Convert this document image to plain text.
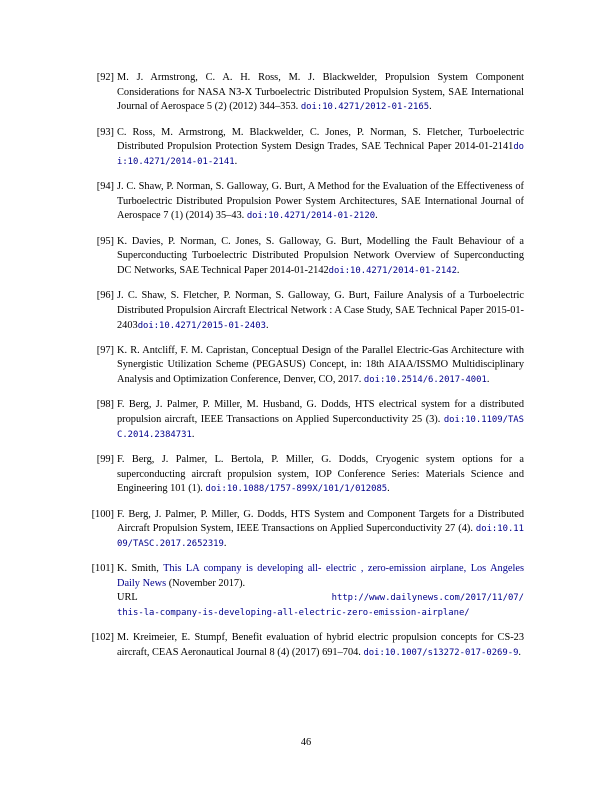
[92] M. J. Armstrong, C. A. H. Ross, M. J. Blackwelder, Propulsion System Component Considerations for NASA N3-X Turboelectric Distributed Propulsion System, SAE International Journal of Aerospace 5 (2) (2012) 344–353. doi:10.4271/2012-01-2165.
[93] C. Ross, M. Armstrong, M. Blackwelder, C. Jones, P. Norman, S. Fletcher, Turboelectric Distributed Propulsion Protection System Design Trades, SAE Technical Paper 2014-01-2141doi:10.4271/2014-01-2141.
[94] J. C. Shaw, P. Norman, S. Galloway, G. Burt, A Method for the Evaluation of the Effectiveness of Turboelectric Distributed Propulsion Power System Architectures, SAE International Journal of Aerospace 7 (1) (2014) 35–43. doi:10.4271/2014-01-2120.
[95] K. Davies, P. Norman, C. Jones, S. Galloway, G. Burt, Modelling the Fault Behaviour of a Superconducting Turboelectric Distributed Propulsion Network Overview of Superconducting DC Networks, SAE Technical Paper 2014-01-2142doi:10.4271/2014-01-2142.
[96] J. C. Shaw, S. Fletcher, P. Norman, S. Galloway, G. Burt, Failure Analysis of a Turboelectric Distributed Propulsion Aircraft Electrical Network : A Case Study, SAE Technical Paper 2015-01-2403doi:10.4271/2015-01-2403.
[97] K. R. Antcliff, F. M. Capristan, Conceptual Design of the Parallel Electric-Gas Architecture with Synergistic Utilization Scheme (PEGASUS) Concept, in: 18th AIAA/ISSMO Multidisciplinary Analysis and Optimization Conference, Denver, CO, 2017. doi:10.2514/6.2017-4001.
[98] F. Berg, J. Palmer, P. Miller, M. Husband, G. Dodds, HTS electrical system for a distributed propulsion aircraft, IEEE Transactions on Applied Superconductivity 25 (3). doi:10.1109/TASC.2014.2384731.
[99] F. Berg, J. Palmer, L. Bertola, P. Miller, G. Dodds, Cryogenic system options for a superconducting aircraft propulsion system, IOP Conference Series: Materials Science and Engineering 101 (1). doi:10.1088/1757-899X/101/1/012085.
[100] F. Berg, J. Palmer, P. Miller, G. Dodds, HTS System and Component Targets for a Distributed Aircraft Propulsion System, IEEE Transactions on Applied Superconductivity 27 (4). doi:10.1109/TASC.2017.2652319.
[101] K. Smith, This LA company is developing all- electric , zero-emission airplane, Los Angeles Daily News (November 2017).
URL	http://www.dailynews.com/2017/11/07/
this-la-company-is-developing-all-electric-zero-emission-airplane/
[102] M. Kreimeier, E. Stumpf, Benefit evaluation of hybrid electric propulsion concepts for CS-23 aircraft, CEAS Aeronautical Journal 8 (4) (2017) 691–704. doi:10.1007/s13272-017-0269-9.
46
